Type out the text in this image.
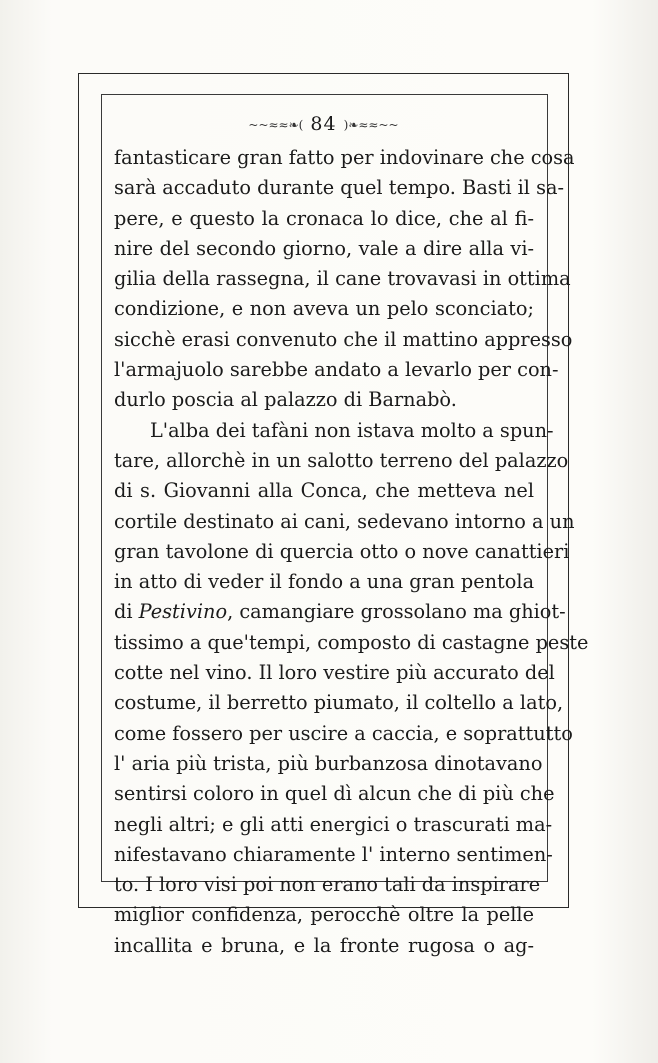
~~≈≈❧( 84 )❧≈≈~~
fantasticare gran fatto per indovinare che cosa
sarà accaduto durante quel tempo. Basti il sa-
pere, e questo la cronaca lo dice, che al fi-
nire del secondo giorno, vale a dire alla vi-
gilia della rassegna, il cane trovavasi in ottima
condizione, e non aveva un pelo sconciato;
sicchè erasi convenuto che il mattino appresso
l'armajuolo sarebbe andato a levarlo per con-
durlo poscia al palazzo di Barnabò.
L'alba dei tafàni non istava molto a spun-
tare, allorchè in un salotto terreno del palazzo
di s. Giovanni alla Conca, che metteva nel
cortile destinato ai cani, sedevano intorno a un
gran tavolone di quercia otto o nove canattieri
in atto di veder il fondo a una gran pentola
di Pestivino, camangiare grossolano ma ghiot-
tissimo a que'tempi, composto di castagne peste
cotte nel vino. Il loro vestire più accurato del
costume, il berretto piumato, il coltello a lato,
come fossero per uscire a caccia, e soprattutto
l' aria più trista, più burbanzosa dinotavano
sentirsi coloro in quel dì alcun che di più che
negli altri; e gli atti energici o trascurati ma-
nifestavano chiaramente l' interno sentimen-
to. I loro visi poi non erano tali da inspirare
miglior confidenza, perocchè oltre la pelle
incallita e bruna, e la fronte rugosa o ag-
